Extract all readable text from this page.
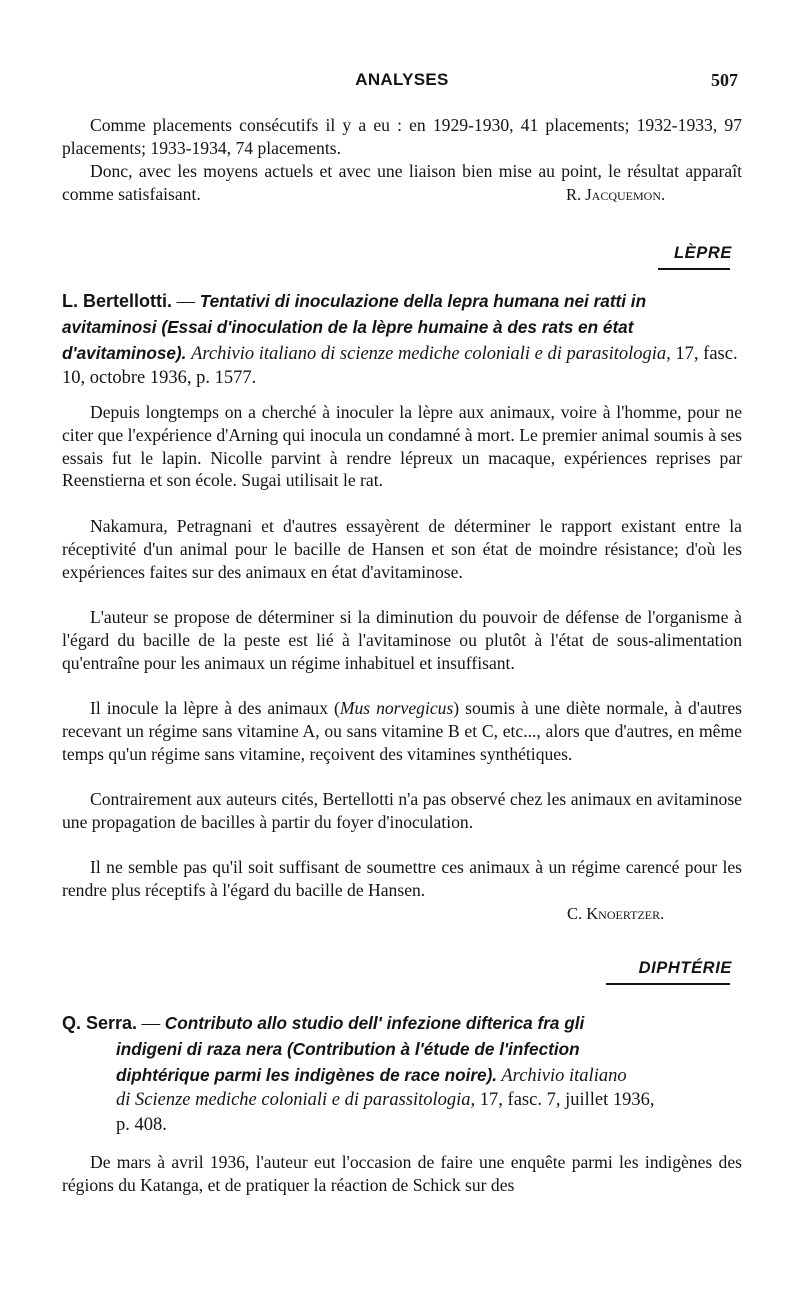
ANALYSES	507

Comme placements consécutifs il y a eu : en 1929-1930, 41 placements; 1932-1933, 97 placements; 1933-1934, 74 placements.

Donc, avec les moyens actuels et avec une liaison bien mise au point, le résultat apparaît comme satisfaisant.	R. Jacquemon.
LÈPRE
L. Bertellotti. — Tentativi di inoculazione della lepra humana nei ratti in avitaminosi (Essai d'inoculation de la lèpre humaine à des rats en état d'avitaminose). Archivio italiano di scienze mediche coloniali e di parasitologia, 17, fasc. 10, octobre 1936, p. 1577.

Depuis longtemps on a cherché à inoculer la lèpre aux animaux, voire à l'homme, pour ne citer que l'expérience d'Arning qui inocula un condamné à mort. Le premier animal soumis à ses essais fut le lapin. Nicolle parvint à rendre lépreux un macaque, expériences reprises par Reenstierna et son école. Sugai utilisait le rat.

Nakamura, Petragnani et d'autres essayèrent de déterminer le rapport existant entre la réceptivité d'un animal pour le bacille de Hansen et son état de moindre résistance; d'où les expériences faites sur des animaux en état d'avitaminose.

L'auteur se propose de déterminer si la diminution du pouvoir de défense de l'organisme à l'égard du bacille de la peste est lié à l'avitaminose ou plutôt à l'état de sous-alimentation qu'entraîne pour les animaux un régime inhabituel et insuffisant.

Il inocule la lèpre à des animaux (Mus norvegicus) soumis à une diète normale, à d'autres recevant un régime sans vitamine A, ou sans vitamine B et C, etc..., alors que d'autres, en même temps qu'un régime sans vitamine, reçoivent des vitamines synthétiques.

Contrairement aux auteurs cités, Bertellotti n'a pas observé chez les animaux en avitaminose une propagation de bacilles à partir du foyer d'inoculation.

Il ne semble pas qu'il soit suffisant de soumettre ces animaux à un régime carencé pour les rendre plus réceptifs à l'égard du bacille de Hansen.

C. Knoertzer.
DIPHTÉRIE
Q. Serra. — Contributo allo studio dell' infezione difterica fra gli
indigeni di raza nera (Contribution à l'étude de l'infection
diphtérique parmi les indigènes de race noire). Archivio italiano
di Scienze mediche coloniali e di parassitologia, 17, fasc. 7, juillet 1936,
p. 408.

De mars à avril 1936, l'auteur eut l'occasion de faire une enquête parmi les indigènes des régions du Katanga, et de pratiquer la réaction de Schick sur des
